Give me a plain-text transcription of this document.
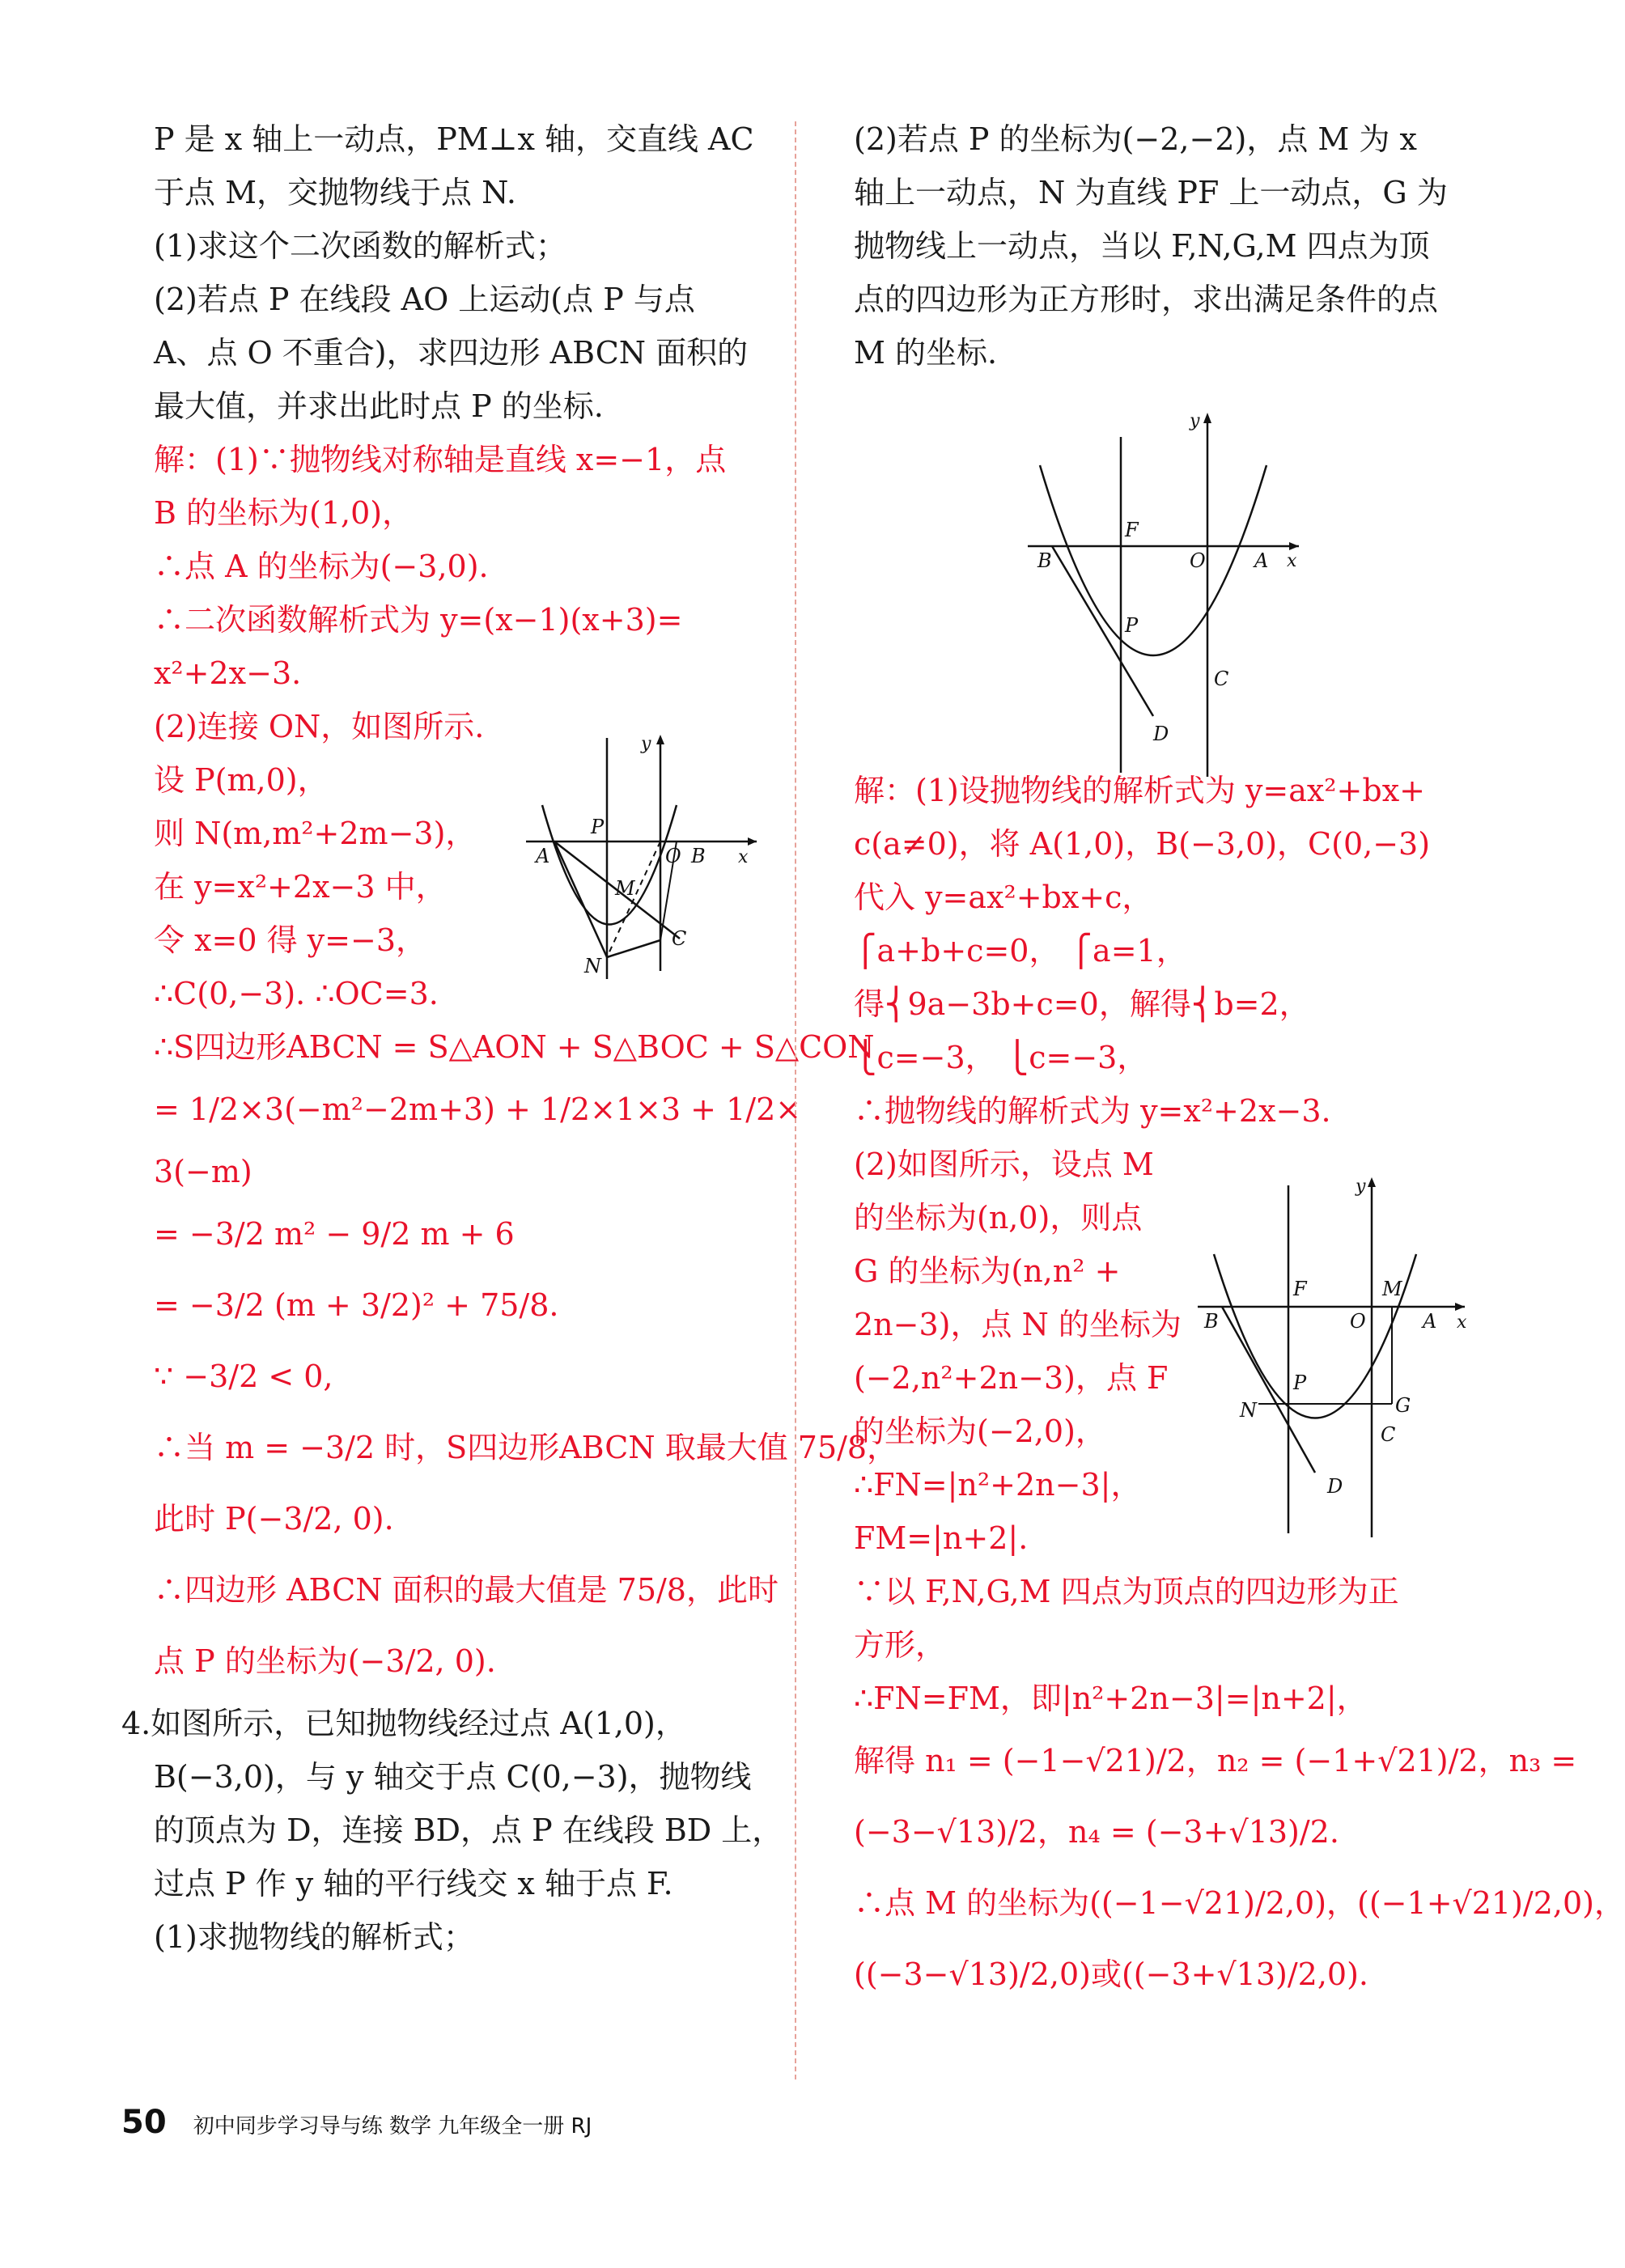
P 是 x 轴上一动点，PM⊥x 轴，交直线 AC
于点 M，交抛物线于点 N.
(1)求这个二次函数的解析式；
(2)若点 P 在线段 AO 上运动(点 P 与点
A、点 O 不重合)，求四边形 ABCN 面积的
最大值，并求出此时点 P 的坐标.
解：(1)∵抛物线对称轴是直线 x=−1，点
B 的坐标为(1,0)，
∴点 A 的坐标为(−3,0).
∴二次函数解析式为 y=(x−1)(x+3)=
x²+2x−3.
(2)连接 ON，如图所示.
设 P(m,0)，
则 N(m,m²+2m−3)，
在 y=x²+2x−3 中，
令 x=0 得 y=−3，
∴C(0,−3). ∴OC=3.
∴S四边形ABCN = S△AON + S△BOC + S△CON
= 1/2×3(−m²−2m+3) + 1/2×1×3 + 1/2×
3(−m)
= −3/2 m² − 9/2 m + 6
= −3/2 (m + 3/2)² + 75/8.
∵ −3/2 < 0,
∴当 m = −3/2 时，S四边形ABCN 取最大值 75/8，
此时 P(−3/2, 0).
∴四边形 ABCN 面积的最大值是 75/8，此时
点 P 的坐标为(−3/2, 0).
4.如图所示，已知抛物线经过点 A(1,0)，
B(−3,0)，与 y 轴交于点 C(0,−3)，抛物线
的顶点为 D，连接 BD，点 P 在线段 BD 上，
过点 P 作 y 轴的平行线交 x 轴于点 F.
(1)求抛物线的解析式；
y
x
P
O B
A
M
C
N
(2)若点 P 的坐标为(−2,−2)，点 M 为 x
轴上一动点，N 为直线 PF 上一动点，G 为
抛物线上一动点，当以 F,N,G,M 四点为顶
点的四边形为正方形时，求出满足条件的点
M 的坐标.
解：(1)设抛物线的解析式为 y=ax²+bx+
c(a≠0)，将 A(1,0)，B(−3,0)，C(0,−3)
代入 y=ax²+bx+c，
⎧a+b+c=0， ⎧a=1，
得⎨9a−3b+c=0，解得⎨b=2，
⎩c=−3， ⎩c=−3，
∴抛物线的解析式为 y=x²+2x−3.
(2)如图所示，设点 M
的坐标为(n,0)，则点
G 的坐标为(n,n² +
2n−3)，点 N 的坐标为
(−2,n²+2n−3)，点 F
的坐标为(−2,0)，
∴FN=|n²+2n−3|，
FM=|n+2|.
∵以 F,N,G,M 四点为顶点的四边形为正
方形，
∴FN=FM，即|n²+2n−3|=|n+2|，
解得 n₁ = (−1−√21)/2，n₂ = (−1+√21)/2，n₃ =
(−3−√13)/2，n₄ = (−3+√13)/2.
∴点 M 的坐标为((−1−√21)/2,0)，((−1+√21)/2,0)，
((−3−√13)/2,0)或((−3+√13)/2,0).
y
x
F
B	O	A
P
C
D
y
x
F	M
B	O	A
P
N	G
C
D
50 初中同步学习导与练 数学 九年级全一册 RJ
